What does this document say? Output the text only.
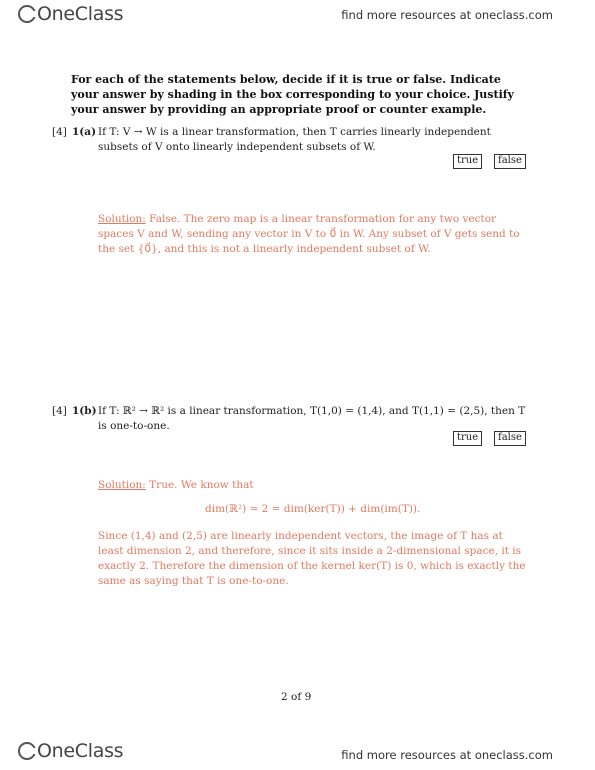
OneClass	find more resources at oneclass.com
For each of the statements below, decide if it is true or false. Indicate your answer by shading in the box corresponding to your choice. Justify your answer by providing an appropriate proof or counter example.
[4] 1(a) If T: V → W is a linear transformation, then T carries linearly independent subsets of V onto linearly independent subsets of W.
true	false
Solution: False. The zero map is a linear transformation for any two vector spaces V and W, sending any vector in V to 0⃗ in W. Any subset of V gets send to the set {0⃗}, and this is not a linearly independent subset of W.
[4] 1(b) If T: ℝ² → ℝ² is a linear transformation, T(1,0) = (1,4), and T(1,1) = (2,5), then T is one-to-one.
true	false
Solution: True. We know that
dim(ℝ²) = 2 = dim(ker(T)) + dim(im(T)).
Since (1,4) and (2,5) are linearly independent vectors, the image of T has at least dimension 2, and therefore, since it sits inside a 2-dimensional space, it is exactly 2. Therefore the dimension of the kernel ker(T) is 0, which is exactly the same as saying that T is one-to-one.
2 of 9
OneClass	find more resources at oneclass.com
